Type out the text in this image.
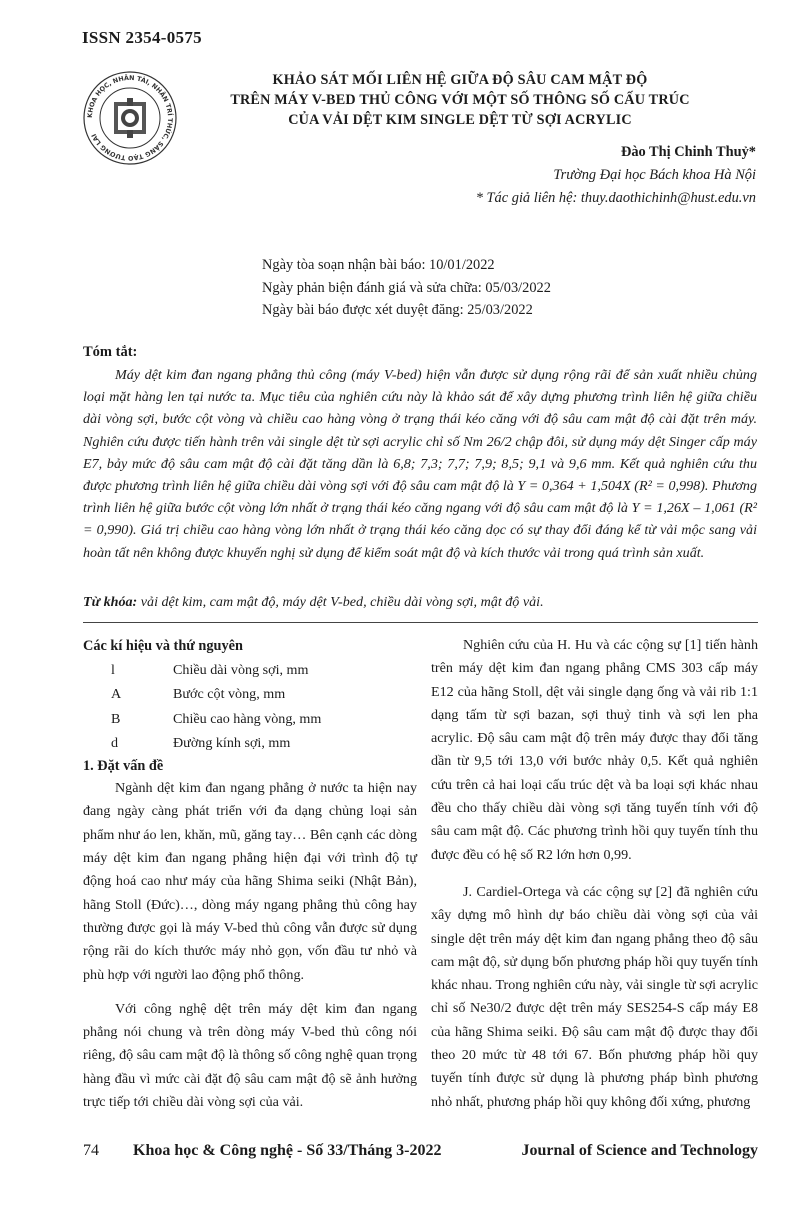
ISSN 2354-0575
KHOA HỌC, NHÂN TÀI, NHÂN TRÍ THỨC, SÁNG TẠO TƯƠNG LAI
KHẢO SÁT MỐI LIÊN HỆ GIỮA ĐỘ SÂU CAM MẬT ĐỘ
TRÊN MÁY V-BED THỦ CÔNG VỚI MỘT SỐ THÔNG SỐ CẤU TRÚC
CỦA VẢI DỆT KIM SINGLE DỆT TỪ SỢI ACRYLIC
Đào Thị Chinh Thuỷ*
Trường Đại học Bách khoa Hà Nội
* Tác giả liên hệ: thuy.daothichinh@hust.edu.vn
Ngày tòa soạn nhận bài báo: 10/01/2022
Ngày phản biện đánh giá và sửa chữa: 05/03/2022
Ngày bài báo được xét duyệt đăng: 25/03/2022
Tóm tắt:

Máy dệt kim đan ngang phẳng thủ công (máy V-bed) hiện vẫn được sử dụng rộng rãi để sản xuất nhiều chủng loại mặt hàng len tại nước ta. Mục tiêu của nghiên cứu này là khảo sát để xây dựng phương trình liên hệ giữa chiều dài vòng sợi, bước cột vòng và chiều cao hàng vòng ở trạng thái kéo căng với độ sâu cam mật độ cài đặt trên máy. Nghiên cứu được tiến hành trên vải single dệt từ sợi acrylic chỉ số Nm 26/2 chập đôi, sử dụng máy dệt Singer cấp máy E7, bảy mức độ sâu cam mật độ cài đặt tăng dần là 6,8; 7,3; 7,7; 7,9; 8,5; 9,1 và 9,6 mm. Kết quả nghiên cứu thu được phương trình liên hệ giữa chiều dài vòng sợi với độ sâu cam mật độ là Y = 0,364 + 1,504X (R² = 0,998). Phương trình liên hệ giữa bước cột vòng lớn nhất ở trạng thái kéo căng ngang với độ sâu cam mật độ là Y = 1,26X – 1,061 (R² = 0,990). Giá trị chiều cao hàng vòng lớn nhất ở trạng thái kéo căng dọc có sự thay đổi đáng kể từ vải mộc sang vải hoàn tất nên không được khuyến nghị sử dụng để kiểm soát mật độ và kích thước vải trong quá trình sản xuất.

Từ khóa: vải dệt kim, cam mật độ, máy dệt V-bed, chiều dài vòng sợi, mật độ vải.
Các kí hiệu và thứ nguyên
l	Chiều dài vòng sợi, mm
A	Bước cột vòng, mm
B	Chiều cao hàng vòng, mm
d	Đường kính sợi, mm
1. Đặt vấn đề

Ngành dệt kim đan ngang phẳng ở nước ta hiện nay đang ngày càng phát triển với đa dạng chủng loại sản phẩm như áo len, khăn, mũ, găng tay… Bên cạnh các dòng máy dệt kim đan ngang phẳng hiện đại với trình độ tự động hoá cao như máy của hãng Shima seiki (Nhật Bản), hãng Stoll (Đức)…, dòng máy ngang phẳng thủ công hay thường được gọi là máy V-bed thủ công vẫn được sử dụng rộng rãi do kích thước máy nhỏ gọn, vốn đầu tư nhỏ và phù hợp với người lao động phổ thông.

Với công nghệ dệt trên máy dệt kim đan ngang phẳng nói chung và trên dòng máy V-bed thủ công nói riêng, độ sâu cam mật độ là thông số công nghệ quan trọng hàng đầu vì mức cài đặt độ sâu cam mật độ sẽ ảnh hưởng trực tiếp tới chiều dài vòng sợi của vải.

Nghiên cứu của H. Hu và các cộng sự [1] tiến hành trên máy dệt kim đan ngang phẳng CMS 303 cấp máy E12 của hãng Stoll, dệt vải single dạng ống và vải rib 1:1 dạng tấm từ sợi bazan, sợi thuỷ tinh và sợi len pha acrylic. Độ sâu cam mật độ trên máy được thay đổi tăng dần từ 9,5 tới 13,0 với bước nhảy 0,5. Kết quả nghiên cứu trên cả hai loại cấu trúc dệt và ba loại sợi khác nhau đều cho thấy chiều dài vòng sợi tăng tuyến tính với độ sâu cam mật độ. Các phương trình hồi quy tuyến tính thu được đều có hệ số R2 lớn hơn 0,99.

J. Cardiel-Ortega và các cộng sự [2] đã nghiên cứu xây dựng mô hình dự báo chiều dài vòng sợi của vải single dệt trên máy dệt kim đan ngang phẳng theo độ sâu cam mật độ, sử dụng bốn phương pháp hồi quy tuyến tính khác nhau. Trong nghiên cứu này, vải single từ sợi acrylic chỉ số Ne30/2 được dệt trên máy SES254-S cấp máy E8 của hãng Shima seiki. Độ sâu cam mật độ được thay đổi theo 20 mức từ 48 tới 67. Bốn phương pháp hồi quy tuyến tính được sử dụng là phương pháp bình phương nhỏ nhất, phương pháp hồi quy không đối xứng, phương

74 Khoa học & Công nghệ - Số 33/Tháng 3-2022	Journal of Science and Technology
